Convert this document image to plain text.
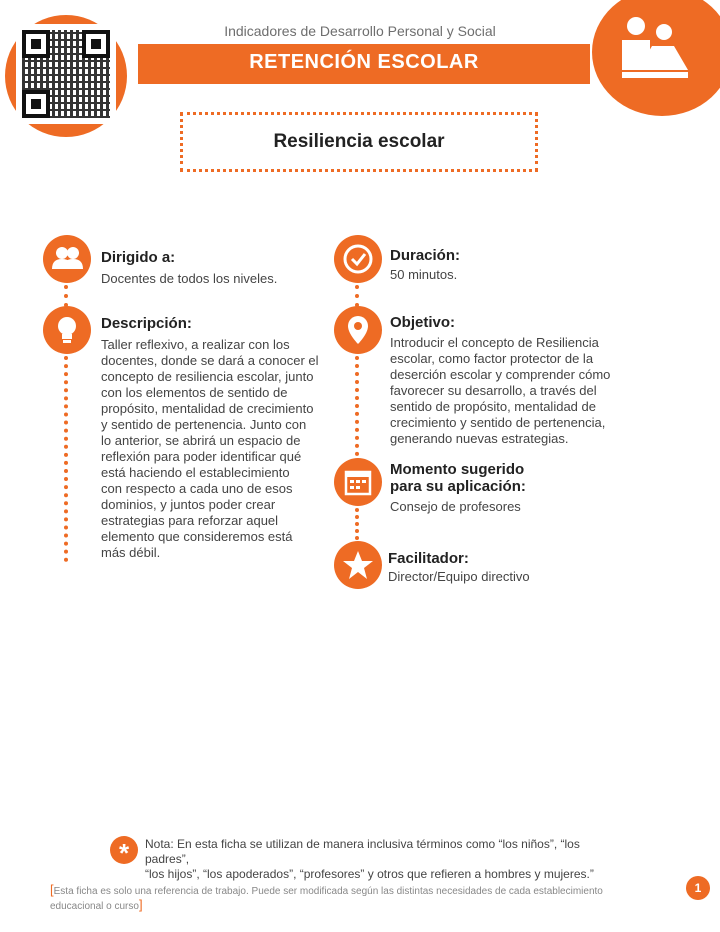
Indicadores de Desarrollo Personal y Social
RETENCIÓN ESCOLAR
Resiliencia escolar
Dirigido a:
Docentes de todos los niveles.
Descripción:
Taller reflexivo, a realizar con los
docentes, donde se dará a conocer el
concepto de resiliencia escolar, junto
con los elementos de sentido de
propósito, mentalidad de crecimiento
y sentido de pertenencia. Junto con
lo anterior, se abrirá un espacio de
reflexión para poder identificar qué
está haciendo el establecimiento
con respecto a cada uno de esos
dominios, y juntos poder crear
estrategias para reforzar aquel
elemento que consideremos está
más débil.
Duración:
50 minutos.
Objetivo:
Introducir el concepto de Resiliencia
escolar, como factor protector de la
deserción escolar y comprender cómo
favorecer su desarrollo, a través del
sentido de propósito, mentalidad de
crecimiento y sentido de pertenencia,
generando nuevas estrategias.
Momento sugerido
para su aplicación:
Consejo de profesores
Facilitador:
Director/Equipo directivo
*	Nota: En esta ficha se utilizan de manera inclusiva términos como “los niños”, “los padres”,
“los hijos”, “los apoderados”, “profesores” y otros que refieren a hombres y mujeres.”
[Esta ficha es solo una referencia de trabajo. Puede ser modificada según las distintas necesidades de cada establecimiento educacional o curso]
1
